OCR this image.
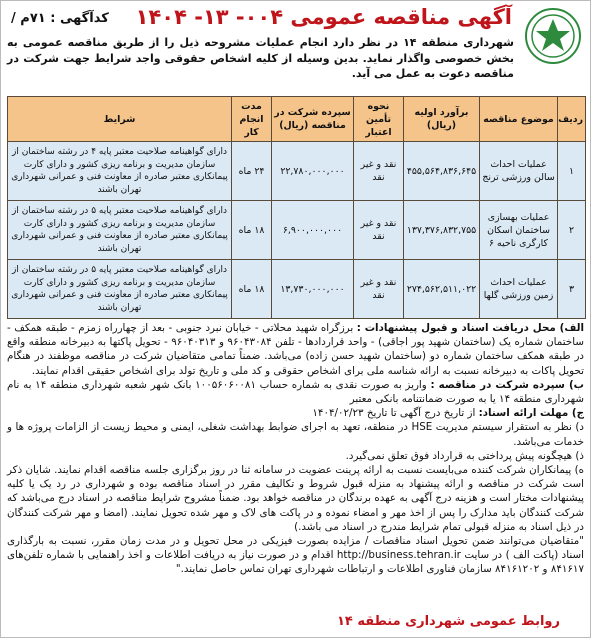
آگهی مناقصه عمومی ۰۰۴- ۱۳- ۱۴۰۴
کدآگهی : ۷۱م /
شهرداری منطقه ۱۴ در نظر دارد انجام عملیات مشروحه ذیل را از طریق مناقصه عمومی به بخش خصوصی واگذار نماید. بدین وسیله از کلیه اشخاص حقوقی واجد شرایط جهت شرکت در مناقصه دعوت به عمل می آید.
ردیف	موضوع مناقصه	برآورد اولیه (ریال)	نحوه تأمین اعتبار	سپرده شرکت در مناقصه (ریال)	مدت انجام کار	شرایط
۱	عملیات احداث سالن ورزشی ترنج	۴۵۵,۵۶۴,۸۳۶,۶۴۵	نقد و غیر نقد	۲۲,۷۸۰,۰۰۰,۰۰۰	۲۴ ماه	دارای گواهینامه صلاحیت معتبر پایه ۴ در رشته ساختمان از سازمان مدیریت و برنامه ریزی کشور و دارای کارت پیمانکاری معتبر صادره از معاونت فنی و عمرانی شهرداری تهران باشند
۲	عملیات بهسازی ساختمان اسکان کارگری ناحیه ۶	۱۳۷,۳۷۶,۸۳۲,۷۵۵	نقد و غیر نقد	۶,۹۰۰,۰۰۰,۰۰۰	۱۸ ماه	دارای گواهینامه صلاحیت معتبر پایه ۵ در رشته ساختمان از سازمان مدیریت و برنامه ریزی کشور و دارای کارت پیمانکاری معتبر صادره از معاونت فنی و عمرانی شهرداری تهران باشند
۳	عملیات احداث زمین ورزشی گلها	۲۷۴,۵۶۲,۵۱۱,۰۲۲	نقد و غیر نقد	۱۳,۷۳۰,۰۰۰,۰۰۰	۱۸ ماه	دارای گواهینامه صلاحیت معتبر پایه ۵ در رشته ساختمان از سازمان مدیریت و برنامه ریزی کشور و دارای کارت پیمانکاری معتبر صادره از معاونت فنی و عمرانی شهرداری تهران باشند

الف) محل دریافت اسناد و قبول پیشنهادات : برزگراه شهید محلاتی - خیابان نبرد جنوبی - بعد از چهارراه زمزم - طبقه همکف - ساختمان شماره یک (ساختمان شهید پور اجاقی) - واحد قراردادها - تلفن ۹۶۰۴۳۰۸۴ و ۹۶۰۴۰۳۱۳ - تحویل پاکتها به دبیرخانه منطقه واقع در طبقه همکف ساختمان شماره دو (ساختمان شهید حسن زاده) می‌باشد. ضمناً تمامی متقاضیان شرکت در مناقصه موظفند در هنگام تحویل پاکات به دبیرخانه نسبت به ارائه شناسه ملی برای اشخاص حقوقی و کد ملی و تاریخ تولد برای اشخاص حقیقی اقدام نمایند.

ب) سپرده شرکت در مناقصه : واریز به صورت نقدی به شماره حساب ۱۰۰۵۶۰۶۰۰۸۱ بانک شهر شعبه شهرداری منطقه ۱۴ به نام شهرداری منطقه ۱۴ یا به صورت ضمانتنامه بانکی معتبر

ج) مهلت ارائه اسناد: از تاریخ درج آگهی تا تاریخ ۱۴۰۴/۰۲/۲۳

د) نظر به استقرار سیستم مدیریت HSE در منطقه، تعهد به اجرای ضوابط بهداشت شغلی، ایمنی و محیط زیست از الزامات پروژه ها و خدمات می‌باشد.

ذ) هیچگونه پیش پرداختی به قرارداد فوق تعلق نمی‌گیرد.

ه) پیمانکاران شرکت کننده می‌بایست نسبت به ارائه پرینت عضویت در سامانه ثنا در روز برگزاری جلسه مناقصه اقدام نمایند. شایان ذکر است شرکت در مناقصه و ارائه پیشنهاد به منزله قبول شروط و تکالیف مقرر در اسناد مناقصه بوده و شهرداری در رد یک یا کلیه پیشنهادات مختار است و هزینه درج آگهی به عهده برندگان در مناقصه خواهد بود. ضمناً مشروح شرایط مناقصه در اسناد درج می‌باشد که شرکت کنندگان باید مدارک را پس از اخذ مهر و امضاء نموده و در پاکت های لاک و مهر شده تحویل نمایند. (امضا و مهر شرکت کنندگان در ذیل اسناد به منزله قبولی تمام شرایط مندرج در اسناد می باشد.)

"متقاضیان می‌توانند ضمن تحویل اسناد مناقصات / مزایده بصورت فیزیکی در محل تحویل و در مدت زمان مقرر، نسبت به بارگذاری اسناد (پاکت الف ) در سایت http://business.tehran.ir اقدام و در صورت نیاز به دریافت اطلاعات و اخذ راهنمایی با شماره تلفن‌های ۸۴۱۶۱۷ و ۸۴۱۶۱۲۰۲ سازمان فناوری اطلاعات و ارتباطات شهرداری تهران تماس حاصل نمایند."

روابط عمومی شهرداری منطقه ۱۴
